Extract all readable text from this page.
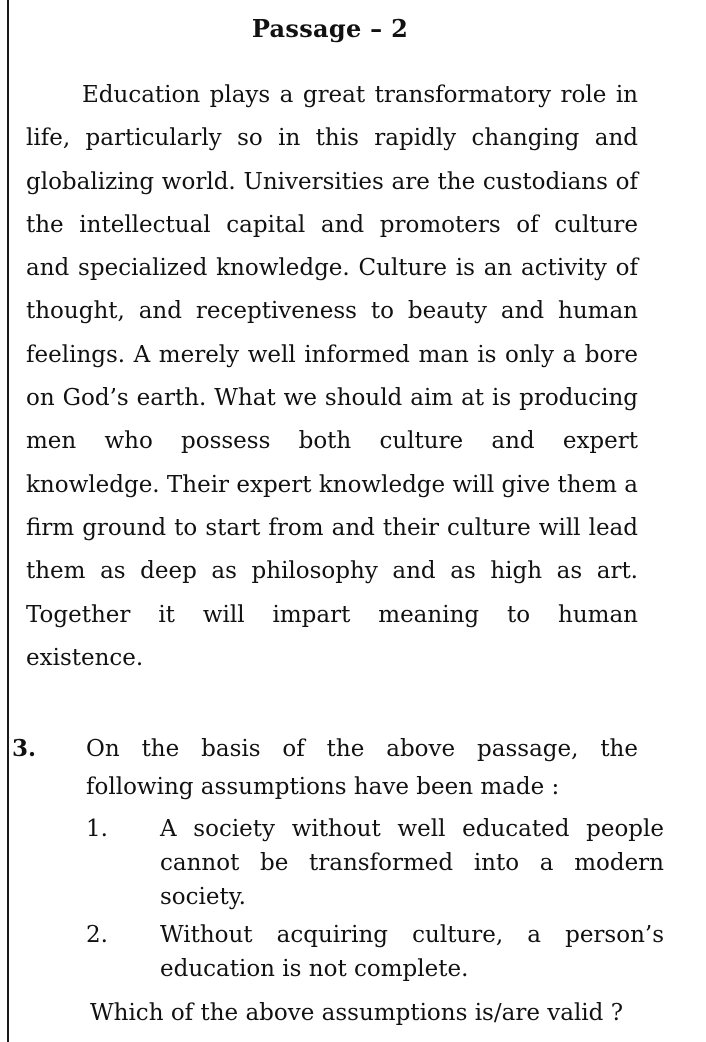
Passage – 2

Education plays a great transformatory role in life, particularly so in this rapidly changing and globalizing world. Universities are the custodians of the intellectual capital and promoters of culture and specialized knowledge. Culture is an activity of thought, and receptiveness to beauty and human feelings. A merely well informed man is only a bore on God’s earth. What we should aim at is producing men who possess both culture and expert knowledge. Their expert knowledge will give them a firm ground to start from and their culture will lead them as deep as philosophy and as high as art. Together it will impart meaning to human existence.

3. On the basis of the above passage, the following assumptions have been made :

1. A society without well educated people cannot be transformed into a modern society.

2. Without acquiring culture, a person’s education is not complete.

Which of the above assumptions is/are valid ?
